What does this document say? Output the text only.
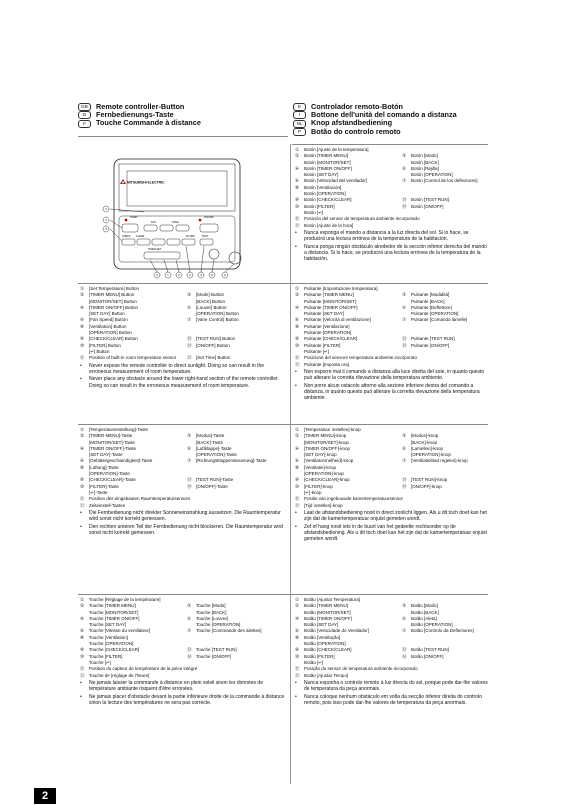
GB	Remote controller-Button
D	Fernbedienungs-Taste
F	Touche Commande à distance
E	Controlador remoto-Botón
I	Bottone dell'unità del comando a distanza
NL	Knop afstandbediening
P	Botão do controlo remoto
MITSUBISHI ELECTRIC
TEMP	ON/OFF
FAN	VANE
FILTER
CHECK	TEST
CLEAR
TIMER SET
1
2
3
1	1	2	3	4	5	6
①	Botón [Ajuste de la temperatura]
②	Botón [TIMER MENU]	③	Botón [Modo]
Botón [MONITOR/SET]	Botón [BACK]
④	Botón [TIMER ON/OFF]	⑤	Botón [Rejilla]
Botón [SET DAY]	Botón [OPERATION]
⑥	Botón [Velocidad del ventilador]	⑦	Botón [Control de los deflectores]
⑧	Botón [Ventilación]
Botón [OPERATION]
⑨	Botón [CHECK/CLEAR]	⑬	Botón [TEST RUN]
⑩	Botón [FILTER]	⑭	Botón [ON/OFF]
Botón [↵]
⑪	Posición del sensor de temperatura ambiente incorporado
⑫	Botón [Ajuste de la hora]
•	Nunca exponga el mando a distancia a la luz directa del sol. Si lo hace, se producirá una lectura errónea de la temperatura de la habitación.
•	Nunca ponga ningún obstáculo alrededor de la sección inferior derecha del mando a distancia. Si lo hace, se producirá una lectura errónea de la temperatura de la habitación.
①	[Set Temperature] Button
②	[TIMER MENU] Button	③	[Mode] Button
[MONITOR/SET] Button	[BACK] Button
④	[TIMER ON/OFF] Button	⑤	[Louver] Button
[SET DAY] Button	[OPERATION] Button
⑥	[Fan Speed] Button	⑦	[Vane Control] Button
⑧	[Ventilation] Button
[OPERATION] Button
⑨	[CHECK/CLEAR] Button	⑬	[TEST RUN] Button
⑩	[FILTER] Button	⑭	[ON/OFF] Button
[↵] Button
⑪	Position of built-in room temperature sensor	⑫	[Set Time] Button
•	Never expose the remote controller to direct sunlight. Doing so can result in the erroneous measurement of room temperature.
•	Never place any obstacle around the lower right-hand section of the remote controller. Doing so can result in the erroneous measurement of room temperature.
①	Pulsante [Impostazione temperatura]
②	Pulsante [TIMER MENU]	③	Pulsante [Modalità]
Pulsante [MONITOR/SET]	Pulsante [BACK]
④	Pulsante [TIMER ON/OFF]	⑤	Pulsante [Deflettore]
Pulsante [SET DAY]	Pulsante [OPERATION]
⑥	Pulsante [Velocità di ventilazione]	⑦	Pulsante [Comando lamelle]
⑧	Pulsante [Ventilazione]
Pulsante [OPERATION]
⑨	Pulsante [CHECK/CLEAR]	⑬	Pulsante [TEST RUN]
⑩	Pulsante [FILTER]	⑭	Pulsante [ON/OFF]
Pulsante [↵]
⑪	Posizione del sensore temperatura ambiente incorporato
⑫	Pulsante [Imposta ora]
•	Non esporre mai il comando a distanza alla luce diretta del sole, in quanto questo può alterare la corretta rilevazione della temperatura ambiente.
•	Non porre alcun ostacolo attorno alla sezione inferiore destra del comando a distanza, in quanto questo può alterare la corretta rilevazione della temperatura ambiente.
①	[Temperatureinstellung]-Taste
②	[TIMER MENU]-Taste	③	[Modus]-Taste
[MONITOR/SET]-Taste	[BACK]-Taste
④	[TIMER ON/OFF]-Taste	⑤	[Luftklappe]-Taste
[SET DAY]-Taste	[OPERATION]-Taste
⑥	[Gebläsegeschwindigkeit]-Taste	⑦	[Richtungsklappensteuerung]-Taste
⑧	[Lüftung]-Taste
[OPERATION]-Taste
⑨	[CHECK/CLEAR]-Taste	⑬	[TEST RUN]-Taste
⑩	[FILTER]-Taste	⑭	[ON/OFF]-Taste
[↵]-Taste
⑪	Position des eingebauten Raumtemperatursensors
⑫	Zeiteinstell-Tasten
•	Die Fernbedienung nicht direkter Sonneneinstrahlung aussetzen. Die Raumtemperatur wird sonst nicht korrekt gemessen.
•	Den rechten unteren Teil der Fernbedienung nicht blockieren. Die Raumtemperatur wird sonst nicht korrekt gemessen.
①	[Temperatuur instellen]-knop
②	[TIMER MENU]-knop	③	[Modus]-knop
[MONITOR/SET]-knop	[BACK]-knop
④	[TIMER ON/OFF]-knop	⑤	[Lamellen]-knop
[SET DAY]-knop	[OPERATION]-knop
⑥	[Ventilatorsnelheid]-knop	⑦	[Ventilatieblad regelen]-knop
⑧	[Ventilatie]-knop
[OPERATION]-knop
⑨	[CHECK/CLEAR]-knop	⑬	[TEST RUN]-knop
⑩	[FILTER]-knop	⑭	[ON/OFF]-knop
[↵]-knop
⑪	Positie van ingebouwde kamertemperatuursensor
⑫	[Tijd instellen]-knop
•	Laat de afstandsbediening nooit in direct zonlicht liggen. Als u dit toch doet kan het zijn dat de kamertemperatuur onjuist gemeten wordt.
•	Zet of hang nooit iets in de buurt van het gedeelte rechtsonder op de afstandsbediening. Als u dit toch doet kan het zijn dat de kamertemperatuur onjuist gemeten wordt.
①	Touche [Réglage de la température]
②	Touche [TIMER MENU]	③	Touche [Mode]
Touche [MONITOR/SET]	Touche [BACK]
④	Touche [TIMER ON/OFF]	⑤	Touche [Louvre]
Touche [SET DAY]	Touche [OPERATION]
⑥	Touche [Vitesse du ventilateur]	⑦	Touche [Commande des ailettes]
⑧	Touche [Ventilation]
Touche [OPERATION]
⑨	Touche [CHECK/CLEAR]	⑬	Touche [TEST RUN]
⑩	Touche [FILTER]	⑭	Touche [ON/OFF]
Touche [↵]
⑪	Position du capteur de température de la pièce intégré
⑫	Touche de [réglage de l'heure]
•	Ne jamais laisser la commande à distance en plein soleil sinon les données de température ambiante risquent d'être erronées.
•	Ne jamais placer d'obstacle devant la partie inférieure droite de la commande à distance sinon la lecture des températures ne sera pas correcte.
①	Botão [Ajustar Temperatura]
②	Botão [TIMER MENU]	③	Botão [Modo]
Botão [MONITOR/SET]	Botão [BACK]
④	Botão [TIMER ON/OFF]	⑤	Botão [Aleta]
Botão [SET DAY]	Botão [OPERATION]
⑥	Botão [Velocidade do Ventilador]	⑦	Botão [Controlo da Deflectores]
⑧	Botão [Ventilação]
Botão [OPERATION]
⑨	Botão [CHECK/CLEAR]	⑬	Botão [TEST RUN]
⑩	Botão [FILTER]	⑭	Botão [ON/OFF]
Botão [↵]
⑪	Posição do sensor de temperatura ambiente incorporado
⑫	Botão [Ajustar Tempo]
•	Nunca exponha o controlo remoto à luz directa do sol, porque pode dar-lhe valores de temperatura da peça anormais.
•	Nunca coloque nenhum obstáculo em volta da secção inferior direita do controlo remoto, pois isso pode dar-lhe valores de temperatura da peça anormais.
2
